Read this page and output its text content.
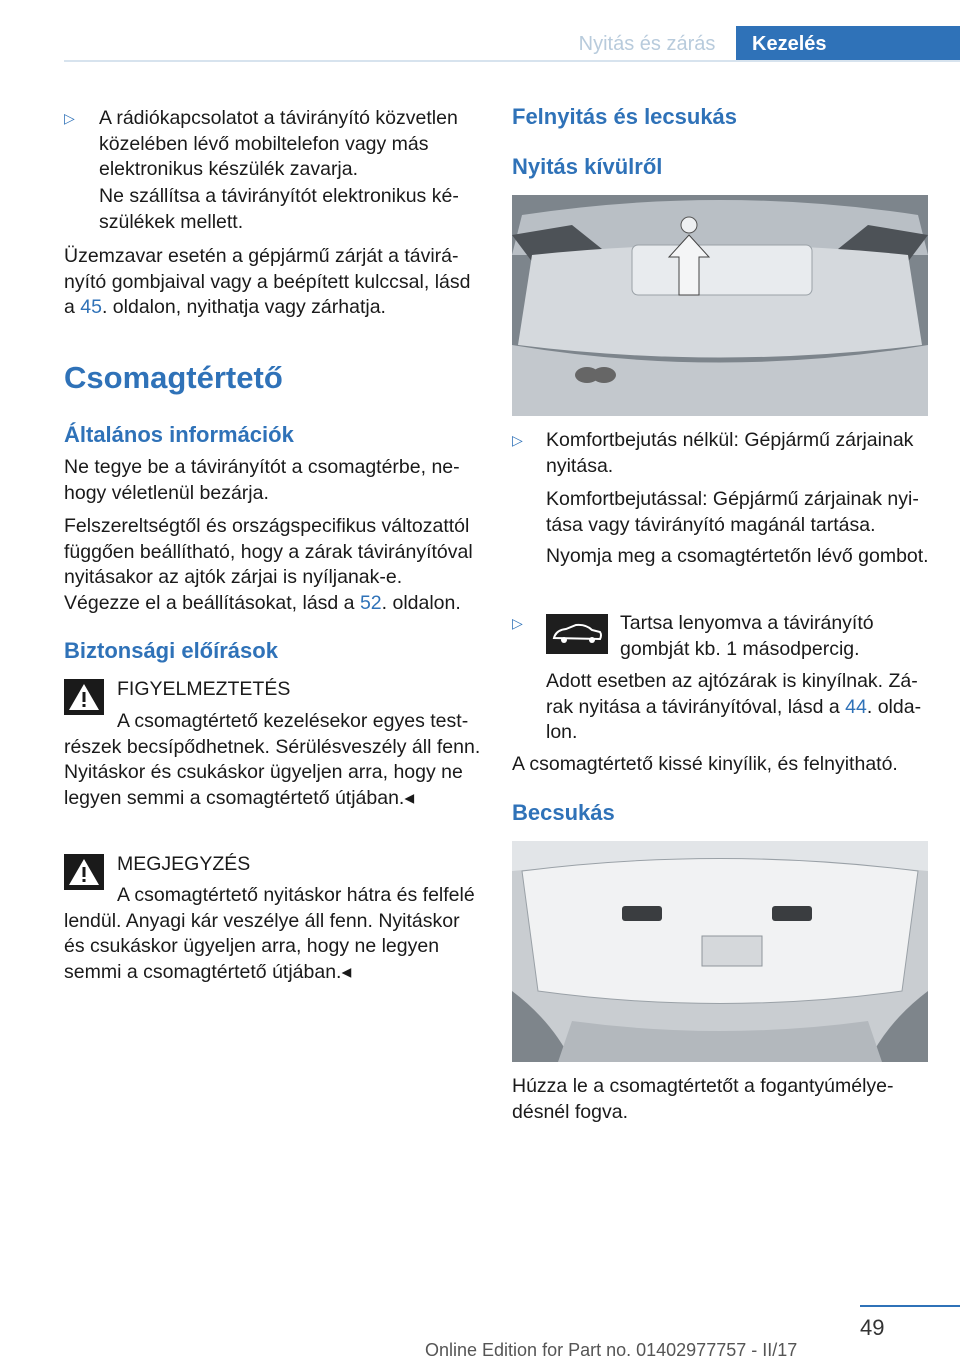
Nyitás és zárás	Kezelés
▷ A rádiókapcsolatot a távirányító közvetlen közelében lévő mobiltelefon vagy más elektronikus készülék zavarja.

Ne szállítsa a távirányítót elektronikus készülékek mellett.

Üzemzavar esetén a gépjármű zárját a távirányító gombjaival vagy a beépített kulccsal, lásd a 45. oldalon, nyithatja vagy zárhatja.

Csomagtértető
Általános információk

Ne tegye be a távirányítót a csomagtérbe, nehogy véletlenül bezárja.

Felszereltségtől és országspecifikus változattól függően beállítható, hogy a zárak távirányítóval nyitásakor az ajtók zárjai is nyíljanak-e. Végezze el a beállításokat, lásd a 52. oldalon.

Biztonsági előírások

FIGYELMEZTETÉS

A csomagtértető kezelésekor egyes testrészek becsípődhetnek. Sérülésveszély áll fenn. Nyitáskor és csukáskor ügyeljen arra, hogy ne legyen semmi a csomagtértető útjában.◂

MEGJEGYZÉS

A csomagtértető nyitáskor hátra és felfelé lendül. Anyagi kár veszélye áll fenn. Nyitáskor és csukáskor ügyeljen arra, hogy ne legyen semmi a csomagtértető útjában.◂

Felnyitás és lecsukás
Nyitás kívülről
▷ Komfortbejutás nélkül: Gépjármű zárjainak nyitása.

Komfortbejutással: Gépjármű zárjainak nyitása vagy távirányító magánál tartása.

Nyomja meg a csomagtértetőn lévő gombot.

▷	Tartsa lenyomva a távirányító gombját kb. 1 másodpercig.

Adott esetben az ajtózárak is kinyílnak. Zárak nyitása a távirányítóval, lásd a 44. oldalon.

A csomagtértető kissé kinyílik, és felnyitható.

Becsukás

Húzza le a csomagtértetőt a fogantyúmélyedésnél fogva.

49
Online Edition for Part no. 01402977757 - II/17
